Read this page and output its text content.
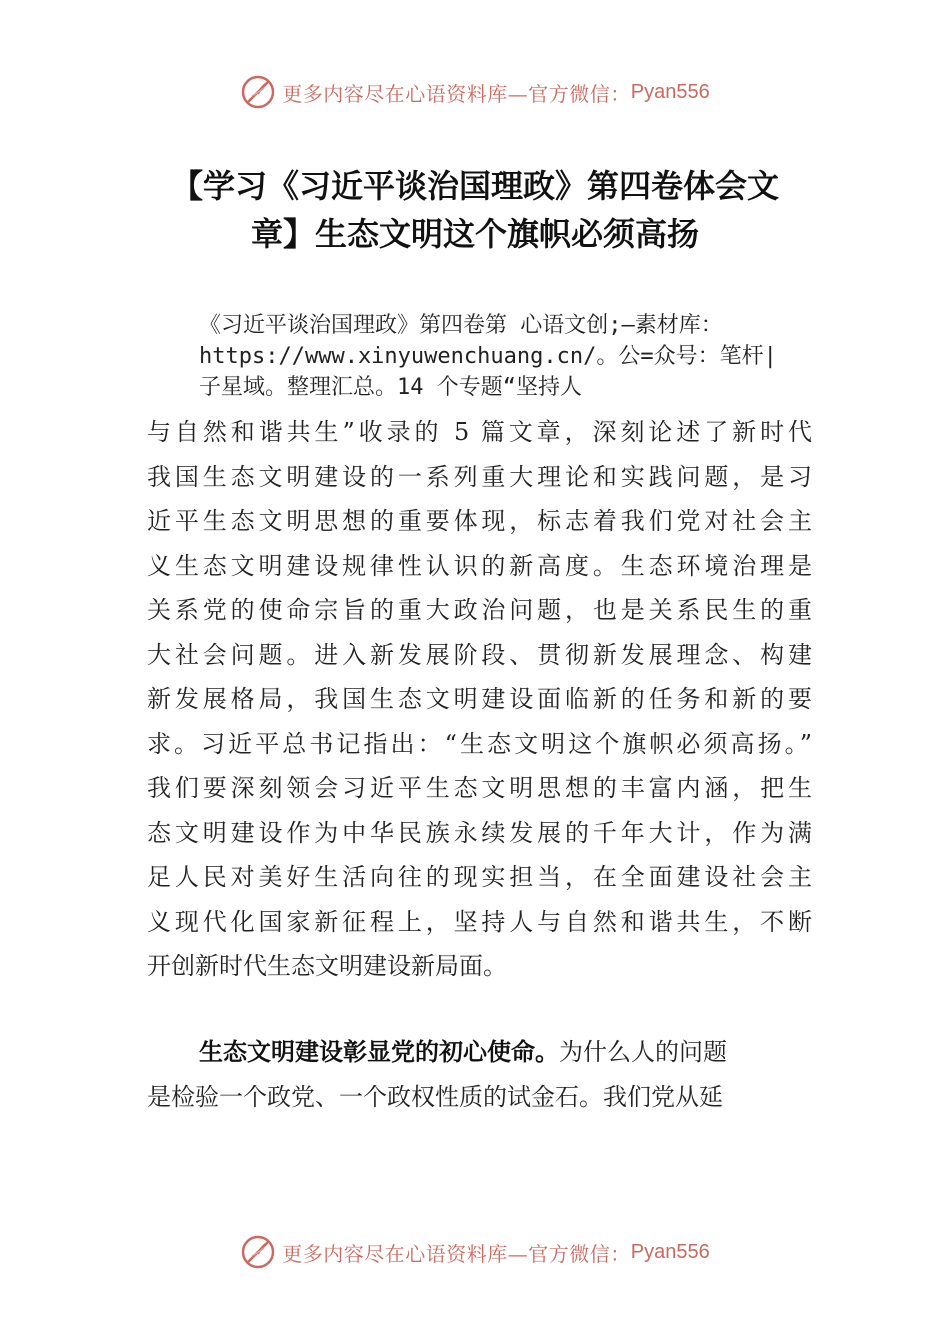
更多内容尽在心语资料库—官方微信： Pyan556
【学习《习近平谈治国理政》第四卷体会文
章】生态文明这个旗帜必须高扬
《习近平谈治国理政》第四卷第 心语文创;—素材库：
https://www.xinyuwenchuang.cn/。公=众号：笔杆|
子星域。整理汇总。14 个专题“坚持人
与自然和谐共生”收录的 5 篇文章，深刻论述了新时代
我国生态文明建设的一系列重大理论和实践问题，是习
近平生态文明思想的重要体现，标志着我们党对社会主
义生态文明建设规律性认识的新高度。生态环境治理是
关系党的使命宗旨的重大政治问题，也是关系民生的重
大社会问题。进入新发展阶段、贯彻新发展理念、构建
新发展格局，我国生态文明建设面临新的任务和新的要
求。习近平总书记指出：“生态文明这个旗帜必须高扬。”
我们要深刻领会习近平生态文明思想的丰富内涵，把生
态文明建设作为中华民族永续发展的千年大计，作为满
足人民对美好生活向往的现实担当，在全面建设社会主
义现代化国家新征程上，坚持人与自然和谐共生，不断
开创新时代生态文明建设新局面。
生态文明建设彰显党的初心使命。为什么人的问题
是检验一个政党、一个政权性质的试金石。我们党从延
更多内容尽在心语资料库—官方微信： Pyan556
